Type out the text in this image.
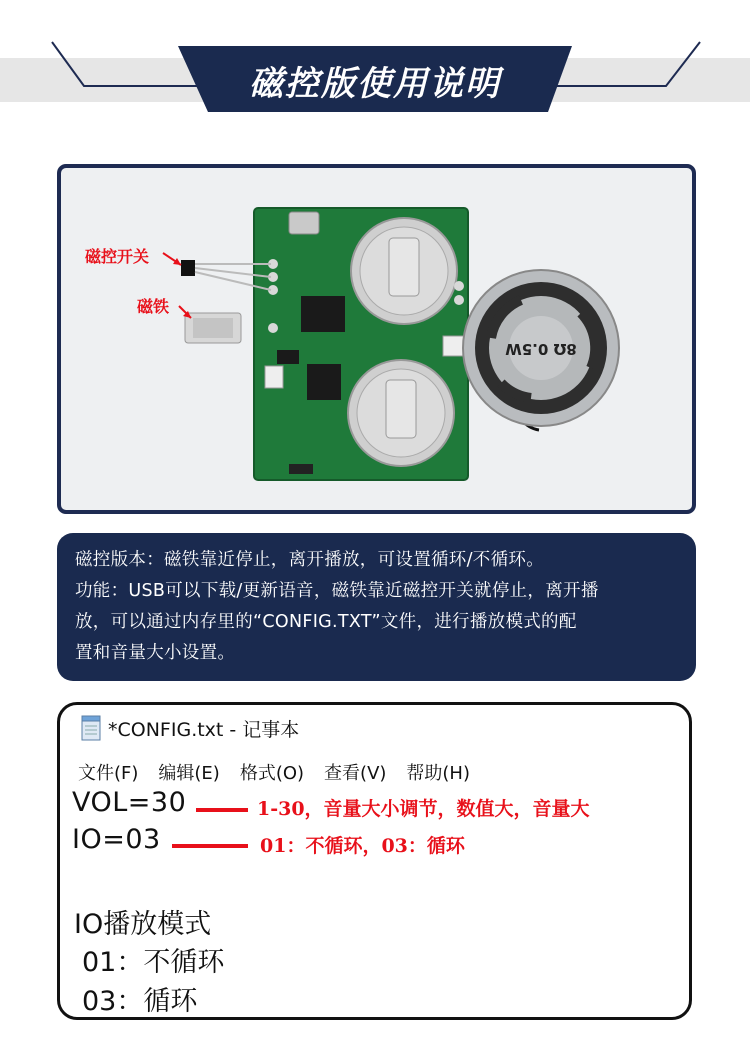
磁控版使用说明
8Ω 0.5W
磁控开关
磁铁

磁控版本：磁铁靠近停止，离开播放，可设置循环/不循环。

功能：USB可以下载/更新语音，磁铁靠近磁控开关就停止，离开播

放，可以通过内存里的“CONFIG.TXT”文件，进行播放模式的配

置和音量大小设置。

*CONFIG.txt - 记事本
文件(F) 编辑(E) 格式(O) 查看(V) 帮助(H)
VOL=30	1-30，音量大小调节，数值大，音量大
IO=03	01：不循环，03：循环
IO播放模式
01：不循环
03：循环
